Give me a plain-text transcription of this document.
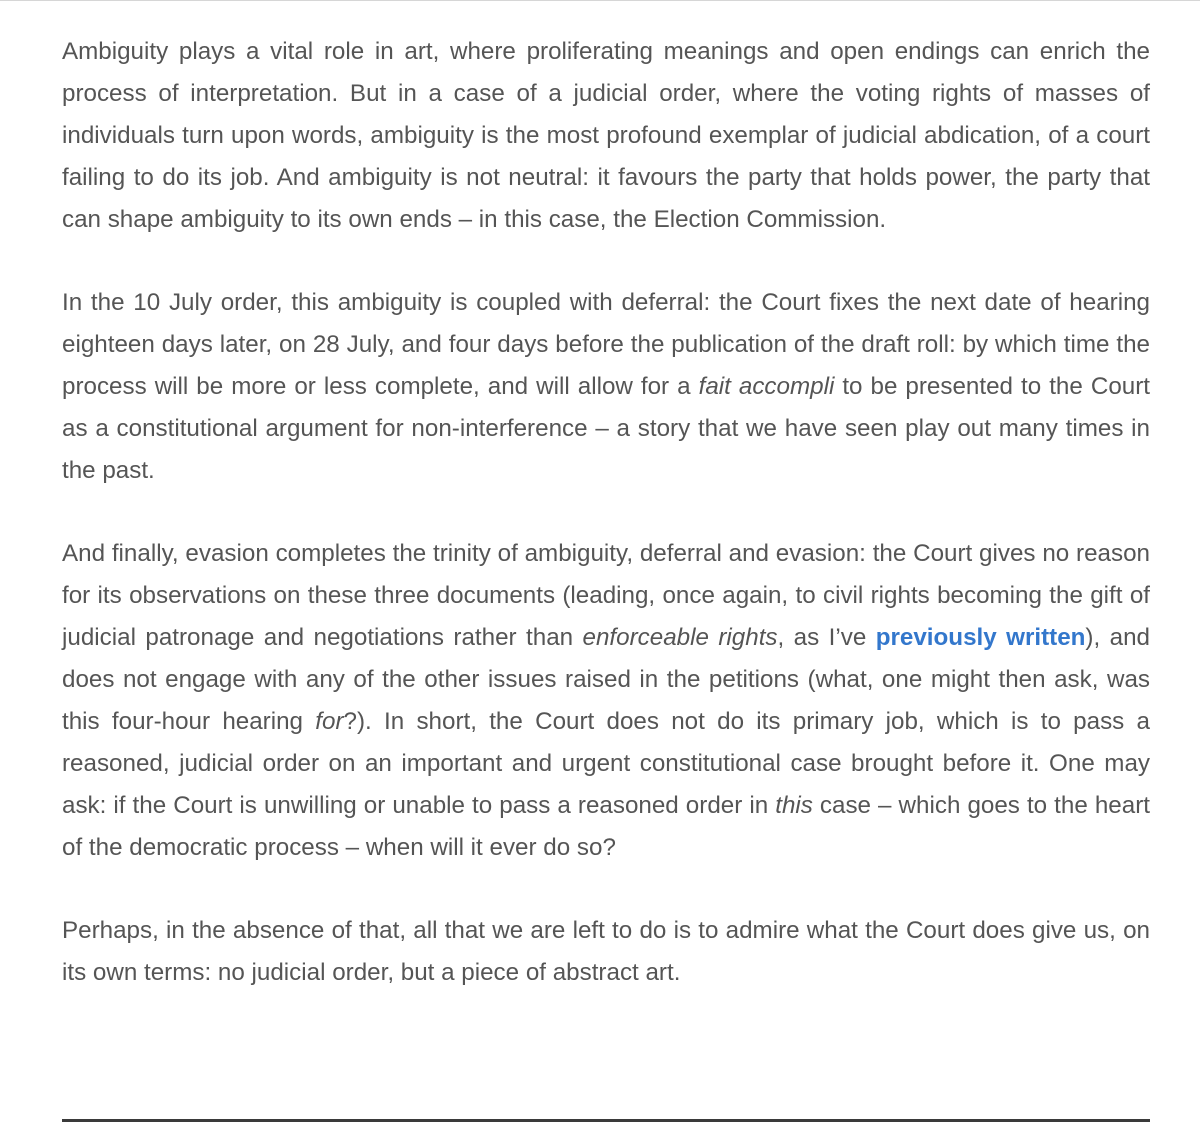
Ambiguity plays a vital role in art, where proliferating meanings and open endings can enrich the process of interpretation. But in a case of a judicial order, where the voting rights of masses of individuals turn upon words, ambiguity is the most profound exemplar of judicial abdication, of a court failing to do its job. And ambiguity is not neutral: it favours the party that holds power, the party that can shape ambiguity to its own ends – in this case, the Election Commission.

In the 10 July order, this ambiguity is coupled with deferral: the Court fixes the next date of hearing eighteen days later, on 28 July, and four days before the publication of the draft roll: by which time the process will be more or less complete, and will allow for a fait accompli to be presented to the Court as a constitutional argument for non-interference – a story that we have seen play out many times in the past.

And finally, evasion completes the trinity of ambiguity, deferral and evasion: the Court gives no reason for its observations on these three documents (leading, once again, to civil rights becoming the gift of judicial patronage and negotiations rather than enforceable rights, as I’ve previously written), and does not engage with any of the other issues raised in the petitions (what, one might then ask, was this four-hour hearing for?). In short, the Court does not do its primary job, which is to pass a reasoned, judicial order on an important and urgent constitutional case brought before it. One may ask: if the Court is unwilling or unable to pass a reasoned order in this case – which goes to the heart of the democratic process – when will it ever do so?

Perhaps, in the absence of that, all that we are left to do is to admire what the Court does give us, on its own terms: no judicial order, but a piece of abstract art.
